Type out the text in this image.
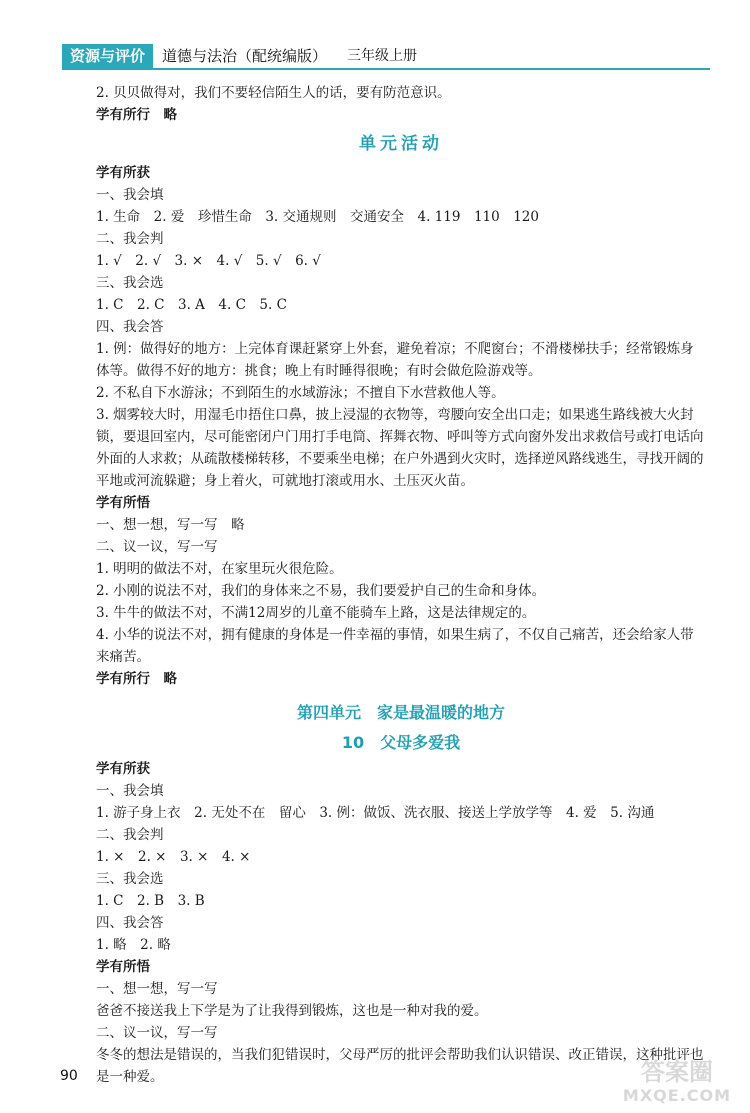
资源与评价	道德与法治（配统编版） 三年级上册
2. 贝贝做得对，我们不要轻信陌生人的话，要有防范意识。
学有所行　略
单元活动
学有所获
一、我会填
1. 生命　2. 爱　珍惜生命　3. 交通规则　交通安全　4. 119　110　120
二、我会判
1. √　2. √　3. ×　4. √　5. √　6. √
三、我会选
1. C　2. C　3. A　4. C　5. C
四、我会答
1. 例：做得好的地方：上完体育课赶紧穿上外套，避免着凉；不爬窗台；不滑楼梯扶手；经常锻炼身体等。做得不好的地方：挑食；晚上有时睡得很晚；有时会做危险游戏等。
2. 不私自下水游泳；不到陌生的水域游泳；不擅自下水营救他人等。
3. 烟雾较大时，用湿毛巾捂住口鼻，披上浸湿的衣物等，弯腰向安全出口走；如果逃生路线被大火封锁，要退回室内，尽可能密闭户门用打手电筒、挥舞衣物、呼叫等方式向窗外发出求救信号或打电话向外面的人求救；从疏散楼梯转移，不要乘坐电梯；在户外遇到火灾时，选择逆风路线逃生，寻找开阔的平地或河流躲避；身上着火，可就地打滚或用水、土压灭火苗。
学有所悟
一、想一想，写一写　略
二、议一议，写一写
1. 明明的做法不对，在家里玩火很危险。
2. 小刚的说法不对，我们的身体来之不易，我们要爱护自己的生命和身体。
3. 牛牛的做法不对，不满12周岁的儿童不能骑车上路，这是法律规定的。
4. 小华的说法不对，拥有健康的身体是一件幸福的事情，如果生病了，不仅自己痛苦，还会给家人带来痛苦。
学有所行　略
第四单元　家是最温暖的地方
10　父母多爱我
学有所获
一、我会填
1. 游子身上衣　2. 无处不在　留心　3. 例：做饭、洗衣服、接送上学放学等　4. 爱　5. 沟通
二、我会判
1. ×　2. ×　3. ×　4. ×
三、我会选
1. C　2. B　3. B
四、我会答
1. 略　2. 略
学有所悟
一、想一想，写一写
爸爸不接送我上下学是为了让我得到锻炼，这也是一种对我的爱。
二、议一议，写一写
冬冬的想法是错误的，当我们犯错误时，父母严厉的批评会帮助我们认识错误、改正错误，这种批评也是一种爱。
90	答案圈
MXQE.COM
